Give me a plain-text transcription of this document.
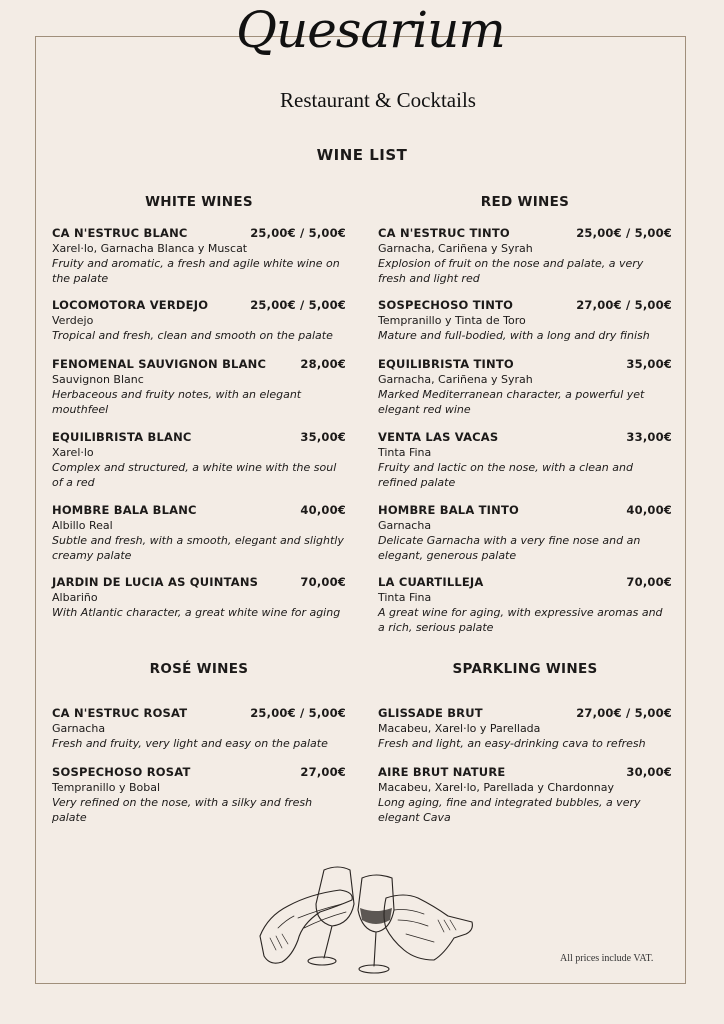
Quesarium
Restaurant & Cocktails
WINE LIST
WHITE WINES
CA N'ESTRUC BLANC	25,00€ / 5,00€
Xarel·lo, Garnacha Blanca y Muscat
Fruity and aromatic, a fresh and agile white wine on the palate
LOCOMOTORA VERDEJO	25,00€ / 5,00€
Verdejo
Tropical and fresh, clean and smooth on the palate
FENOMENAL SAUVIGNON BLANC	28,00€
Sauvignon Blanc
Herbaceous and fruity notes, with an elegant mouthfeel
EQUILIBRISTA BLANC	35,00€
Xarel·lo
Complex and structured, a white wine with the soul of a red
HOMBRE BALA BLANC	40,00€
Albillo Real
Subtle and fresh, with a smooth, elegant and slightly creamy palate
JARDIN DE LUCIA AS QUINTANS	70,00€
Albariño
With Atlantic character, a great white wine for aging
RED WINES
CA N'ESTRUC TINTO	25,00€ / 5,00€
Garnacha, Cariñena y Syrah
Explosion of fruit on the nose and palate, a very fresh and light red
SOSPECHOSO TINTO	27,00€ / 5,00€
Tempranillo y Tinta de Toro
Mature and full-bodied, with a long and dry finish
EQUILIBRISTA TINTO	35,00€
Garnacha, Cariñena y Syrah
Marked Mediterranean character, a powerful yet elegant red wine
VENTA LAS VACAS	33,00€
Tinta Fina
Fruity and lactic on the nose, with a clean and refined palate
HOMBRE BALA TINTO	40,00€
Garnacha
Delicate Garnacha with a very fine nose and an elegant, generous palate
LA CUARTILLEJA	70,00€
Tinta Fina
A great wine for aging, with expressive aromas and a rich, serious palate
ROSÉ WINES
CA N'ESTRUC ROSAT	25,00€ / 5,00€
Garnacha
Fresh and fruity, very light and easy on the palate
SOSPECHOSO ROSAT	27,00€
Tempranillo y Bobal
Very refined on the nose, with a silky and fresh palate
SPARKLING WINES
GLISSADE BRUT	27,00€ / 5,00€
Macabeu, Xarel·lo y Parellada
Fresh and light, an easy-drinking cava to refresh
AIRE BRUT NATURE	30,00€
Macabeu, Xarel·lo, Parellada y Chardonnay
Long aging, fine and integrated bubbles, a very elegant Cava
All prices include VAT.
